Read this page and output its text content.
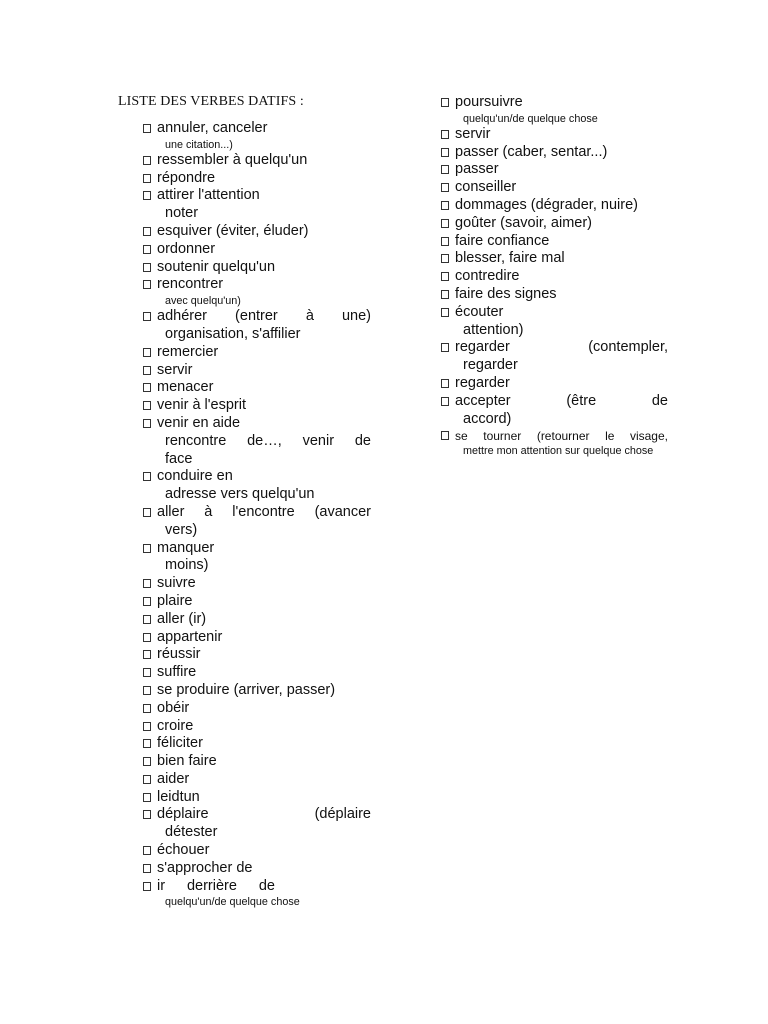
LISTE DES VERBES DATIFS :
annuler, canceler
une citation...)
ressembler à quelqu'un
répondre
attirer l'attention
noter
esquiver (éviter, éluder)
ordonner
soutenir quelqu'un
rencontrer
avec quelqu'un)
adhérer (entrer à une)
organisation, s'affilier
remercier
servir
menacer
venir à l'esprit
venir en aide
rencontre de…, venir de
face
conduire en
adresse vers quelqu'un
aller à l'encontre (avancer
vers)
manquer
moins)
suivre
plaire
aller (ir)
appartenir
réussir
suffire
se produire (arriver, passer)
obéir
croire
féliciter
bien faire
aider
leidtun
déplaire (déplaire
détester
échouer
s'approcher de
ir derrière de
quelqu'un/de quelque chose
poursuivre
quelqu'un/de quelque chose
servir
passer (caber, sentar...)
passer
conseiller
dommages (dégrader, nuire)
goûter (savoir, aimer)
faire confiance
blesser, faire mal
contredire
faire des signes
écouter
attention)
regarder (contempler,
regarder
regarder
accepter (être de
accord)
se tourner (retourner le visage,
mettre mon attention sur quelque chose
